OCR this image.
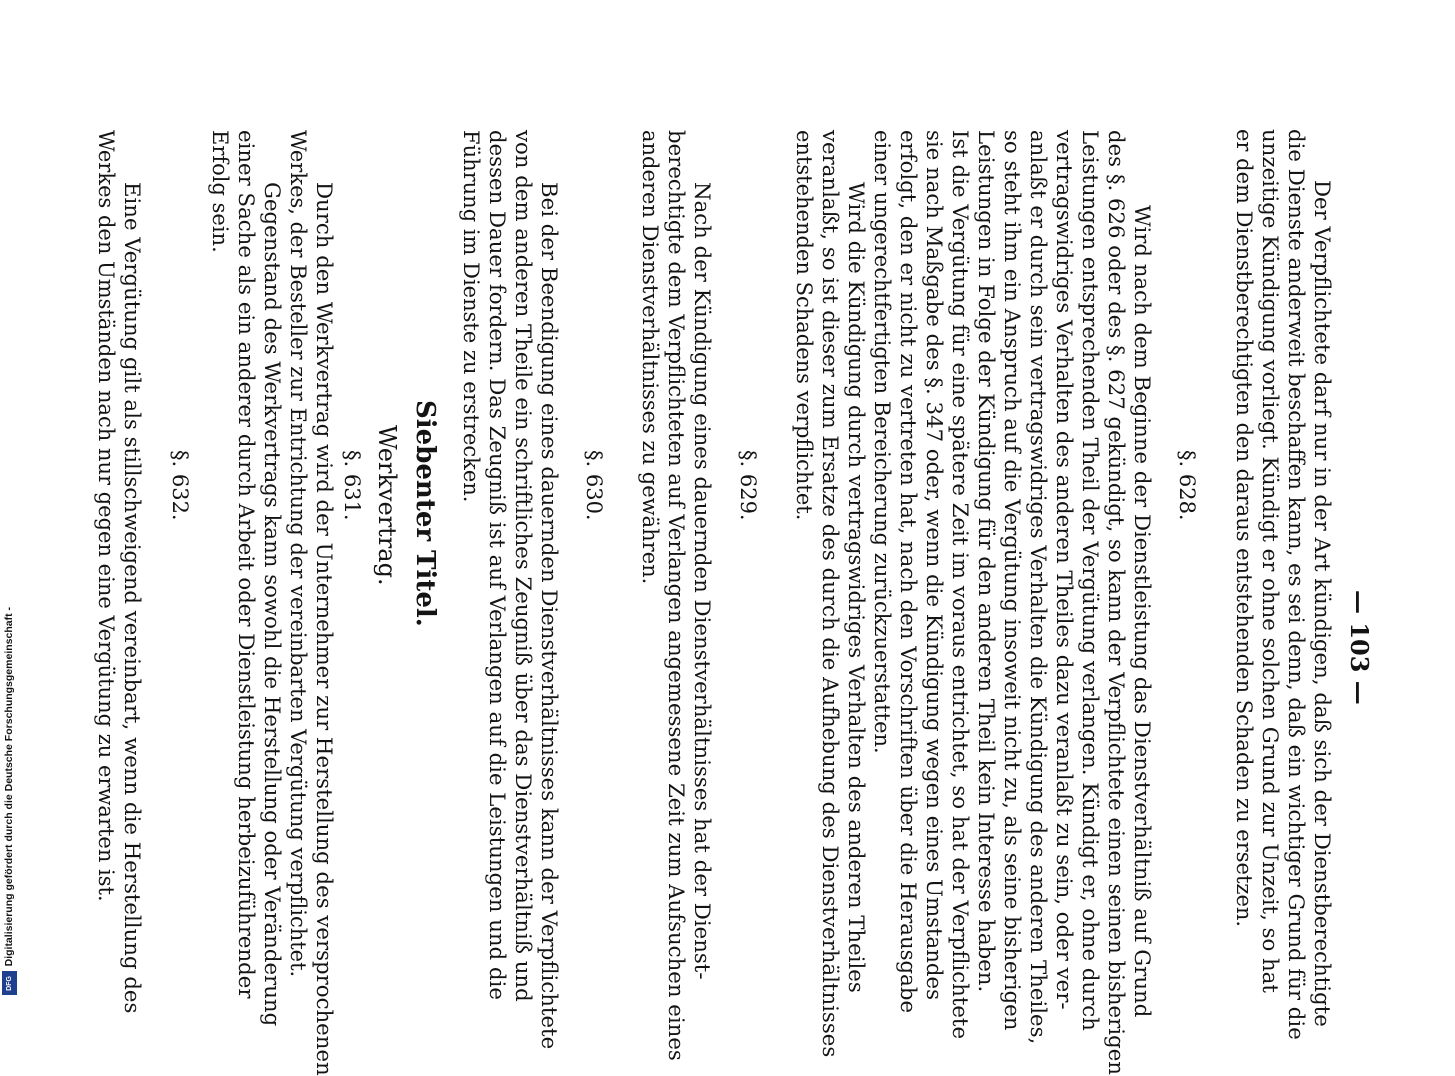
— 103 —
Der Verpflichtete darf nur in der Art kündigen, daß sich der Dienstberechtigte
die Dienste anderweit beschaffen kann, es sei denn, daß ein wichtiger Grund für die
unzeitige Kündigung vorliegt. Kündigt er ohne solchen Grund zur Unzeit, so hat
er dem Dienstberechtigten den daraus entstehenden Schaden zu ersetzen.
§. 628.
Wird nach dem Beginne der Dienstleistung das Dienstverhältniß auf Grund
des §. 626 oder des §. 627 gekündigt, so kann der Verpflichtete einen seinen bisherigen
Leistungen entsprechenden Theil der Vergütung verlangen. Kündigt er, ohne durch
vertragswidriges Verhalten des anderen Theiles dazu veranlaßt zu sein, oder ver-
anlaßt er durch sein vertragswidriges Verhalten die Kündigung des anderen Theiles,
so steht ihm ein Anspruch auf die Vergütung insoweit nicht zu, als seine bisherigen
Leistungen in Folge der Kündigung für den anderen Theil kein Interesse haben.
Ist die Vergütung für eine spätere Zeit im voraus entrichtet, so hat der Verpflichtete
sie nach Maßgabe des §. 347 oder, wenn die Kündigung wegen eines Umstandes
erfolgt, den er nicht zu vertreten hat, nach den Vorschriften über die Herausgabe
einer ungerechtfertigten Bereicherung zurückzuerstatten.
Wird die Kündigung durch vertragswidriges Verhalten des anderen Theiles
veranlaßt, so ist dieser zum Ersatze des durch die Aufhebung des Dienstverhältnisses
entstehenden Schadens verpflichtet.
§. 629.
Nach der Kündigung eines dauernden Dienstverhältnisses hat der Dienst-
berechtigte dem Verpflichteten auf Verlangen angemessene Zeit zum Aufsuchen eines
anderen Dienstverhältnisses zu gewähren.
§. 630.
Bei der Beendigung eines dauernden Dienstverhältnisses kann der Verpflichtete
von dem anderen Theile ein schriftliches Zeugniß über das Dienstverhältniß und
dessen Dauer fordern. Das Zeugniß ist auf Verlangen auf die Leistungen und die
Führung im Dienste zu erstrecken.
Siebenter Titel.
Werkvertrag.
§. 631.
Durch den Werkvertrag wird der Unternehmer zur Herstellung des versprochenen
Werkes, der Besteller zur Entrichtung der vereinbarten Vergütung verpflichtet.
Gegenstand des Werkvertrags kann sowohl die Herstellung oder Veränderung
einer Sache als ein anderer durch Arbeit oder Dienstleistung herbeizuführender
Erfolg sein.
§. 632.
Eine Vergütung gilt als stillschweigend vereinbart, wenn die Herstellung des
Werkes den Umständen nach nur gegen eine Vergütung zu erwarten ist.
Digitalisierung gefördert durch die Deutsche Forschungsgemeinschaft -
DFG
